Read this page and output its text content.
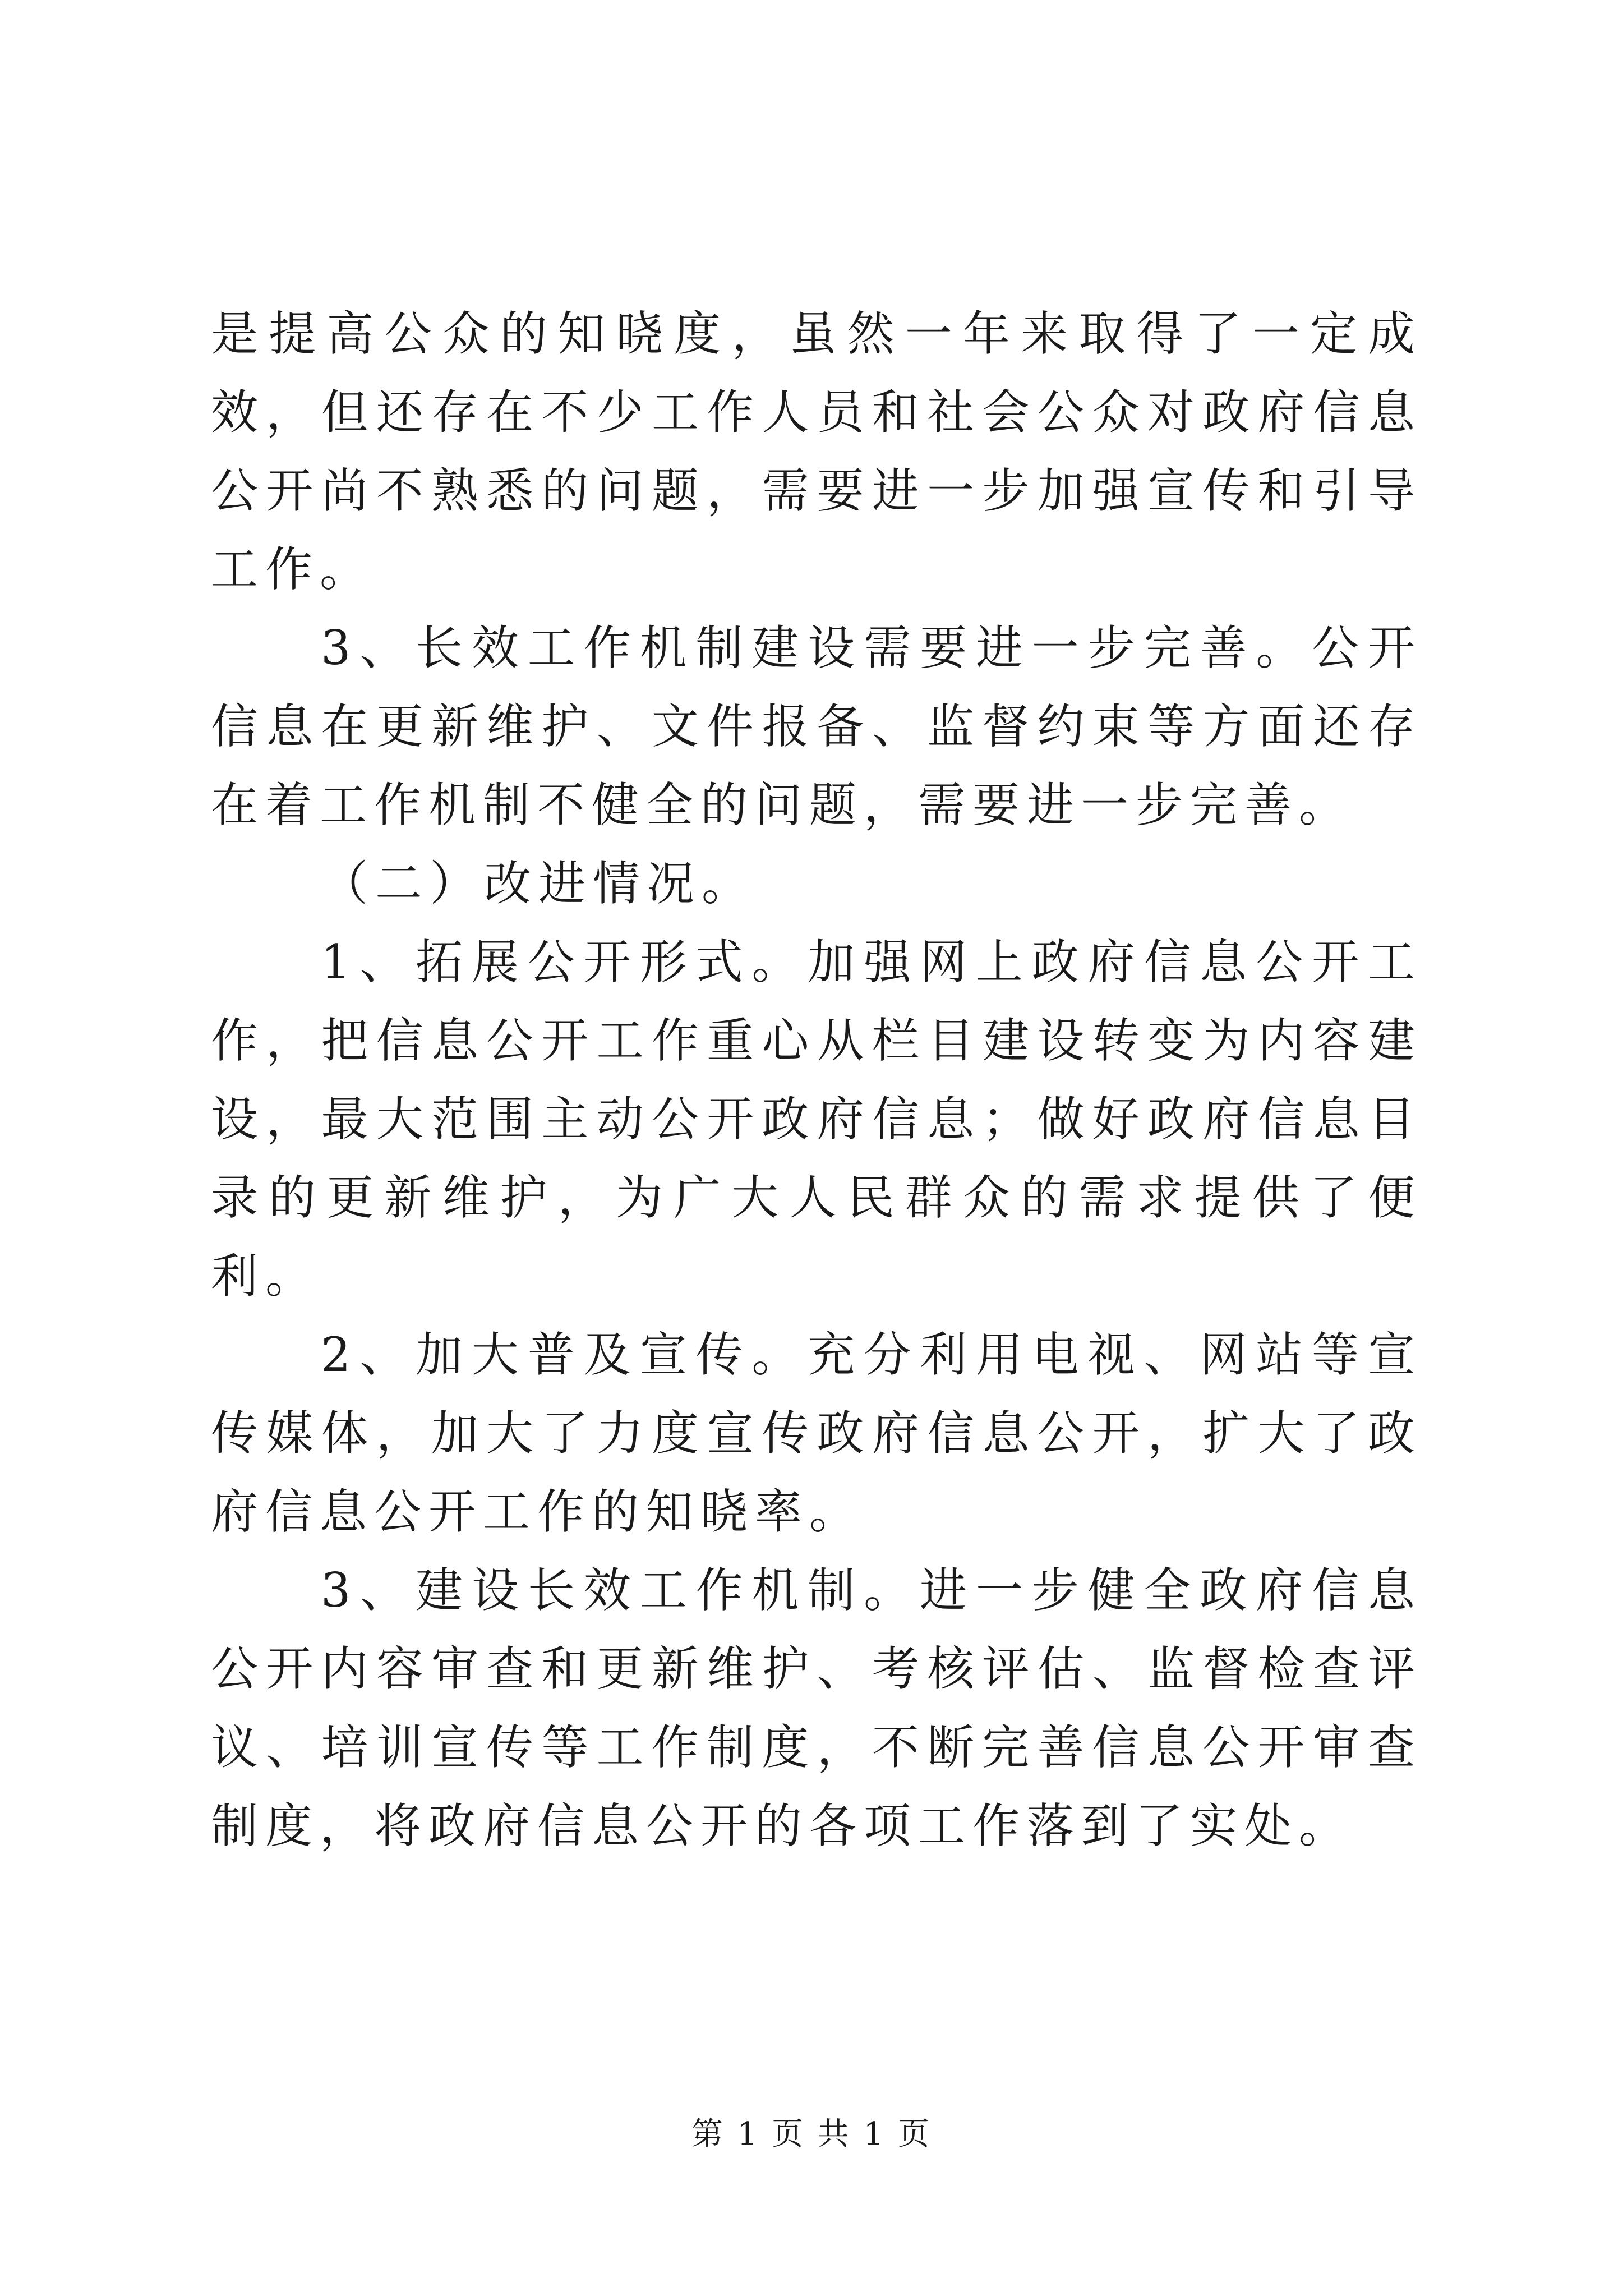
是提高公众的知晓度，虽然一年来取得了一定成效，但还存在不少工作人员和社会公众对政府信息公开尚不熟悉的问题，需要进一步加强宣传和引导工作。

3、长效工作机制建设需要进一步完善。公开信息在更新维护、文件报备、监督约束等方面还存在着工作机制不健全的问题，需要进一步完善。

（二）改进情况。

1、拓展公开形式。加强网上政府信息公开工作，把信息公开工作重心从栏目建设转变为内容建设，最大范围主动公开政府信息；做好政府信息目录的更新维护，为广大人民群众的需求提供了便利。

2、加大普及宣传。充分利用电视、网站等宣传媒体，加大了力度宣传政府信息公开，扩大了政府信息公开工作的知晓率。

3、建设长效工作机制。进一步健全政府信息公开内容审查和更新维护、考核评估、监督检查评议、培训宣传等工作制度，不断完善信息公开审查制度，将政府信息公开的各项工作落到了实处。

第 1 页 共 1 页
